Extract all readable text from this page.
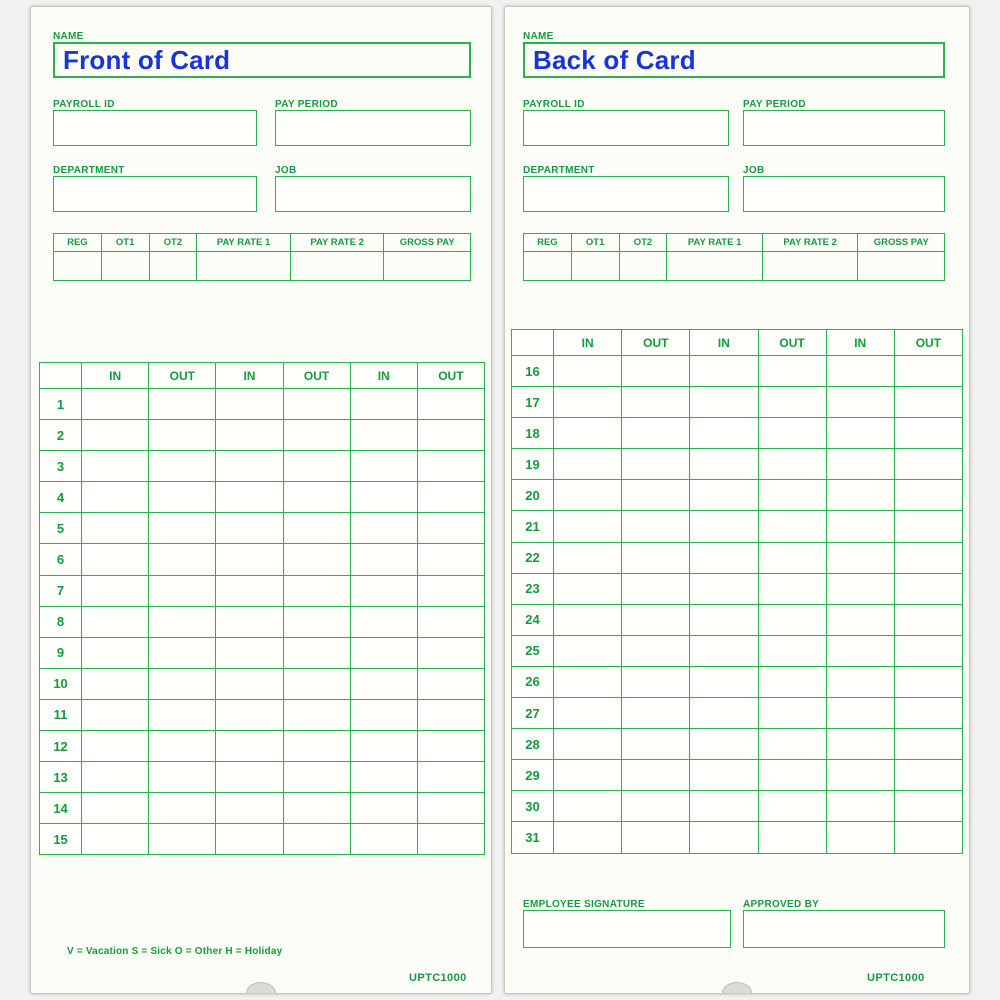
NAME
Front of Card
PAYROLL ID	PAY PERIOD
DEPARTMENT	JOB
REG	OT1	OT2	PAY RATE 1	PAY RATE 2	GROSS PAY
	IN	OUT	IN	OUT	IN	OUT
1						
2						
3						
4						
5						
6						
7						
8						
9						
10						
11						
12						
13						
14						
15						
V = Vacation S = Sick O = Other H = Holiday
UPTC1000
NAME
Back of Card
PAYROLL ID	PAY PERIOD
DEPARTMENT	JOB
REG	OT1	OT2	PAY RATE 1	PAY RATE 2	GROSS PAY
	IN	OUT	IN	OUT	IN	OUT
16						
17						
18						
19						
20						
21						
22						
23						
24						
25						
26						
27						
28						
29						
30						
31						
EMPLOYEE SIGNATURE	APPROVED BY
UPTC1000
